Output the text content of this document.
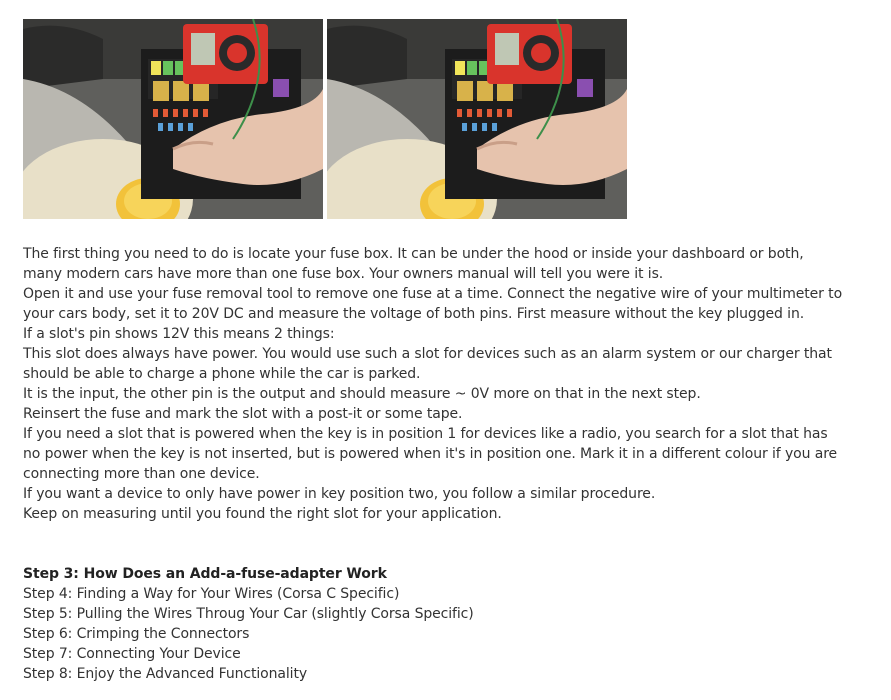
The first thing you need to do is locate your fuse box. It can be under the hood or inside your dashboard or both, many modern cars have more than one fuse box. Your owners manual will tell you were it is.

Open it and use your fuse removal tool to remove one fuse at a time. Connect the negative wire of your multimeter to your cars body, set it to 20V DC and measure the voltage of both pins. First measure without the key plugged in.

If a slot's pin shows 12V this means 2 things:

This slot does always have power. You would use such a slot for devices such as an alarm system or our charger that should be able to charge a phone while the car is parked.

It is the input, the other pin is the output and should measure ~ 0V more on that in the next step.

Reinsert the fuse and mark the slot with a post-it or some tape.

If you need a slot that is powered when the key is in position 1 for devices like a radio, you search for a slot that has no power when the key is not inserted, but is powered when it's in position one. Mark it in a different colour if you are connecting more than one device.

If you want a device to only have power in key position two, you follow a similar procedure.

Keep on measuring until you found the right slot for your application.

Step 3: How Does an Add-a-fuse-adapter Work
Step 4: Finding a Way for Your Wires (Corsa C Specific)
Step 5: Pulling the Wires Throug Your Car (slightly Corsa Specific)
Step 6: Crimping the Connectors
Step 7: Connecting Your Device
Step 8: Enjoy the Advanced Functionality
